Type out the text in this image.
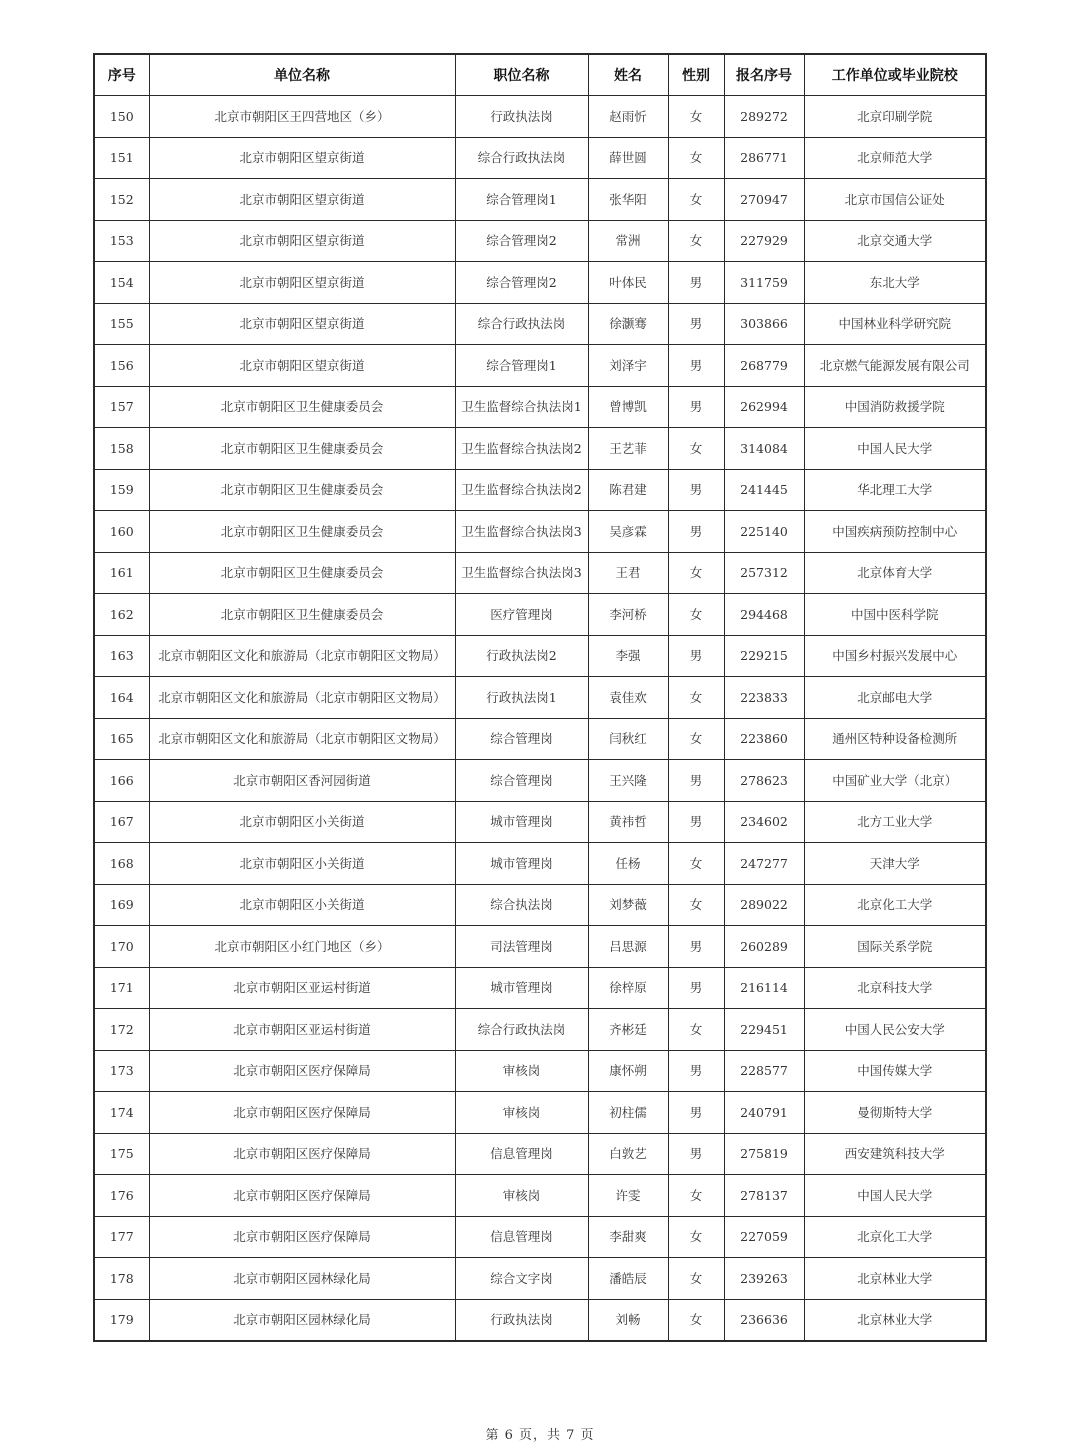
序号	单位名称	职位名称	姓名	性别	报名序号	工作单位或毕业院校
150	北京市朝阳区王四营地区（乡）	行政执法岗	赵雨忻	女	289272	北京印刷学院
151	北京市朝阳区望京街道	综合行政执法岗	薛世圆	女	286771	北京师范大学
152	北京市朝阳区望京街道	综合管理岗1	张华阳	女	270947	北京市国信公证处
153	北京市朝阳区望京街道	综合管理岗2	常洲	女	227929	北京交通大学
154	北京市朝阳区望京街道	综合管理岗2	叶体民	男	311759	东北大学
155	北京市朝阳区望京街道	综合行政执法岗	徐灏骞	男	303866	中国林业科学研究院
156	北京市朝阳区望京街道	综合管理岗1	刘泽宇	男	268779	北京燃气能源发展有限公司
157	北京市朝阳区卫生健康委员会	卫生监督综合执法岗1	曾博凯	男	262994	中国消防救援学院
158	北京市朝阳区卫生健康委员会	卫生监督综合执法岗2	王艺菲	女	314084	中国人民大学
159	北京市朝阳区卫生健康委员会	卫生监督综合执法岗2	陈君建	男	241445	华北理工大学
160	北京市朝阳区卫生健康委员会	卫生监督综合执法岗3	吴彦霖	男	225140	中国疾病预防控制中心
161	北京市朝阳区卫生健康委员会	卫生监督综合执法岗3	王君	女	257312	北京体育大学
162	北京市朝阳区卫生健康委员会	医疗管理岗	李河桥	女	294468	中国中医科学院
163	北京市朝阳区文化和旅游局（北京市朝阳区文物局）	行政执法岗2	李强	男	229215	中国乡村振兴发展中心
164	北京市朝阳区文化和旅游局（北京市朝阳区文物局）	行政执法岗1	袁佳欢	女	223833	北京邮电大学
165	北京市朝阳区文化和旅游局（北京市朝阳区文物局）	综合管理岗	闫秋红	女	223860	通州区特种设备检测所
166	北京市朝阳区香河园街道	综合管理岗	王兴隆	男	278623	中国矿业大学（北京）
167	北京市朝阳区小关街道	城市管理岗	黄祎哲	男	234602	北方工业大学
168	北京市朝阳区小关街道	城市管理岗	任杨	女	247277	天津大学
169	北京市朝阳区小关街道	综合执法岗	刘梦薇	女	289022	北京化工大学
170	北京市朝阳区小红门地区（乡）	司法管理岗	吕思源	男	260289	国际关系学院
171	北京市朝阳区亚运村街道	城市管理岗	徐梓原	男	216114	北京科技大学
172	北京市朝阳区亚运村街道	综合行政执法岗	齐彬廷	女	229451	中国人民公安大学
173	北京市朝阳区医疗保障局	审核岗	康怀朔	男	228577	中国传媒大学
174	北京市朝阳区医疗保障局	审核岗	初柱儒	男	240791	曼彻斯特大学
175	北京市朝阳区医疗保障局	信息管理岗	白敦艺	男	275819	西安建筑科技大学
176	北京市朝阳区医疗保障局	审核岗	许雯	女	278137	中国人民大学
177	北京市朝阳区医疗保障局	信息管理岗	李甜爽	女	227059	北京化工大学
178	北京市朝阳区园林绿化局	综合文字岗	潘皓辰	女	239263	北京林业大学
179	北京市朝阳区园林绿化局	行政执法岗	刘畅	女	236636	北京林业大学
第 6 页，共 7 页
